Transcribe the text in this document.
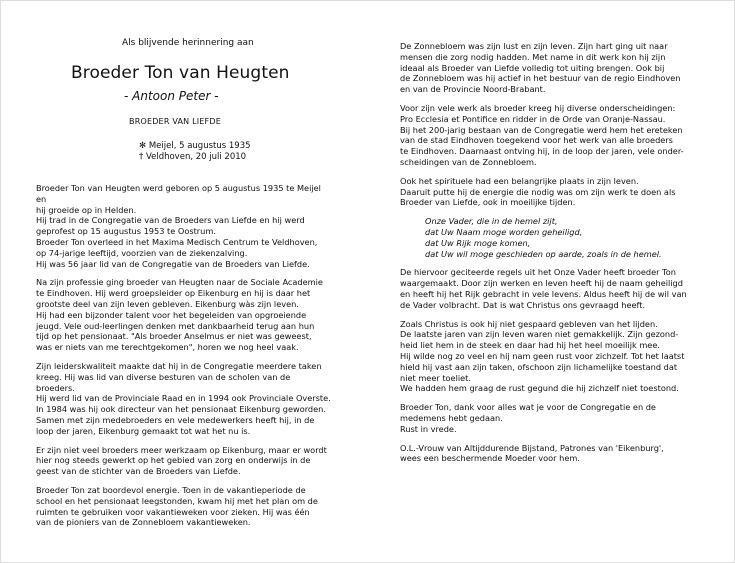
Als blijvende herinnering aan
Broeder Ton van Heugten
- Antoon Peter -
BROEDER VAN LIEFDE
✻ Meijel, 5 augustus 1935
† Veldhoven, 20 juli 2010
Broeder Ton van Heugten werd geboren op 5 augustus 1935 te Meijel en
hij groeide op in Helden.
Hij trad in de Congregatie van de Broeders van Liefde en hij werd
geprofest op 15 augustus 1953 te Oostrum.
Broeder Ton overleed in het Maxima Medisch Centrum te Veldhoven,
op 74-jarige leeftijd, voorzien van de ziekenzalving.
Hij was 56 jaar lid van de Congregatie van de Broeders van Liefde.
Na zijn professie ging broeder van Heugten naar de Sociale Academie
te Eindhoven. Hij werd groepsleider op Eikenburg en hij is daar het
grootste deel van zijn leven gebleven. Eikenburg wàs zijn leven.
Hij had een bijzonder talent voor het begeleiden van opgroeiende
jeugd. Vele oud-leerlingen denken met dankbaarheid terug aan hun
tijd op het pensionaat. "Als broeder Anselmus er niet was geweest,
was er niets van me terechtgekomen", horen we nog heel vaak.
Zijn leiderskwaliteit maakte dat hij in de Congregatie meerdere taken
kreeg. Hij was lid van diverse besturen van de scholen van de broeders.
Hij werd lid van de Provinciale Raad en in 1994 ook Provinciale Overste.
In 1984 was hij ook directeur van het pensionaat Eikenburg geworden.
Samen met zijn medebroeders en vele medewerkers heeft hij, in de
loop der jaren, Eikenburg gemaakt tot wat het nu is.
Er zijn niet veel broeders meer werkzaam op Eikenburg, maar er wordt
hier nog steeds gewerkt op het gebied van zorg en onderwijs in de
geest van de stichter van de Broeders van Liefde.
Broeder Ton zat boordevol energie. Toen in de vakantieperiode de
school en het pensionaat leegstonden, kwam hij met het plan om de
ruimten te gebruiken voor vakantieweken voor zieken. Hij was één
van de pioniers van de Zonnebloem vakantieweken.
De Zonnebloem was zijn lust en zijn leven. Zijn hart ging uit naar
mensen die zorg nodig hadden. Met name in dit werk kon hij zijn
ideaal als Broeder van Liefde volledig tot uiting brengen. Ook bij
de Zonnebloem was hij actief in het bestuur van de regio Eindhoven
en van de Provincie Noord-Brabant.
Voor zijn vele werk als broeder kreeg hij diverse onderscheidingen:
Pro Ecclesia et Pontifice en ridder in de Orde van Oranje-Nassau.
Bij het 200-jarig bestaan van de Congregatie werd hem het ereteken
van de stad Eindhoven toegekend voor het werk van alle broeders
te Eindhoven. Daarnaast ontving hij, in de loop der jaren, vele onder-
scheidingen van de Zonnebloem.
Ook het spirituele had een belangrijke plaats in zijn leven.
Daaruit putte hij de energie die nodig was om zijn werk te doen als
Broeder van Liefde, ook in moeilijke tijden.
Onze Vader, die in de hemel zijt,
dat Uw Naam moge worden geheiligd,
dat Uw Rijk moge komen,
dat Uw wil moge geschieden op aarde, zoals in de hemel.
De hiervoor geciteerde regels uit het Onze Vader heeft broeder Ton
waargemaakt. Door zijn werken en leven heeft hij de naam geheiligd
en heeft hij het Rijk gebracht in vele levens. Aldus heeft hij de wil van
de Vader volbracht. Dat is wat Christus ons gevraagd heeft.
Zoals Christus is ook hij niet gespaard gebleven van het lijden.
De laatste jaren van zijn leven waren niet gemakkelijk. Zijn gezond-
heid liet hem in de steek en daar had hij het heel moeilijk mee.
Hij wilde nog zo veel en hij nam geen rust voor zichzelf. Tot het laatst
hield hij vast aan zijn taken, ofschoon zijn lichamelijke toestand dat
niet meer toeliet.
We hadden hem graag de rust gegund die hij zichzelf niet toestond.
Broeder Ton, dank voor alles wat je voor de Congregatie en de
medemens hebt gedaan.
Rust in vrede.
O.L.-Vrouw van Altijddurende Bijstand, Patrones van 'Eikenburg',
wees een beschermende Moeder voor hem.
